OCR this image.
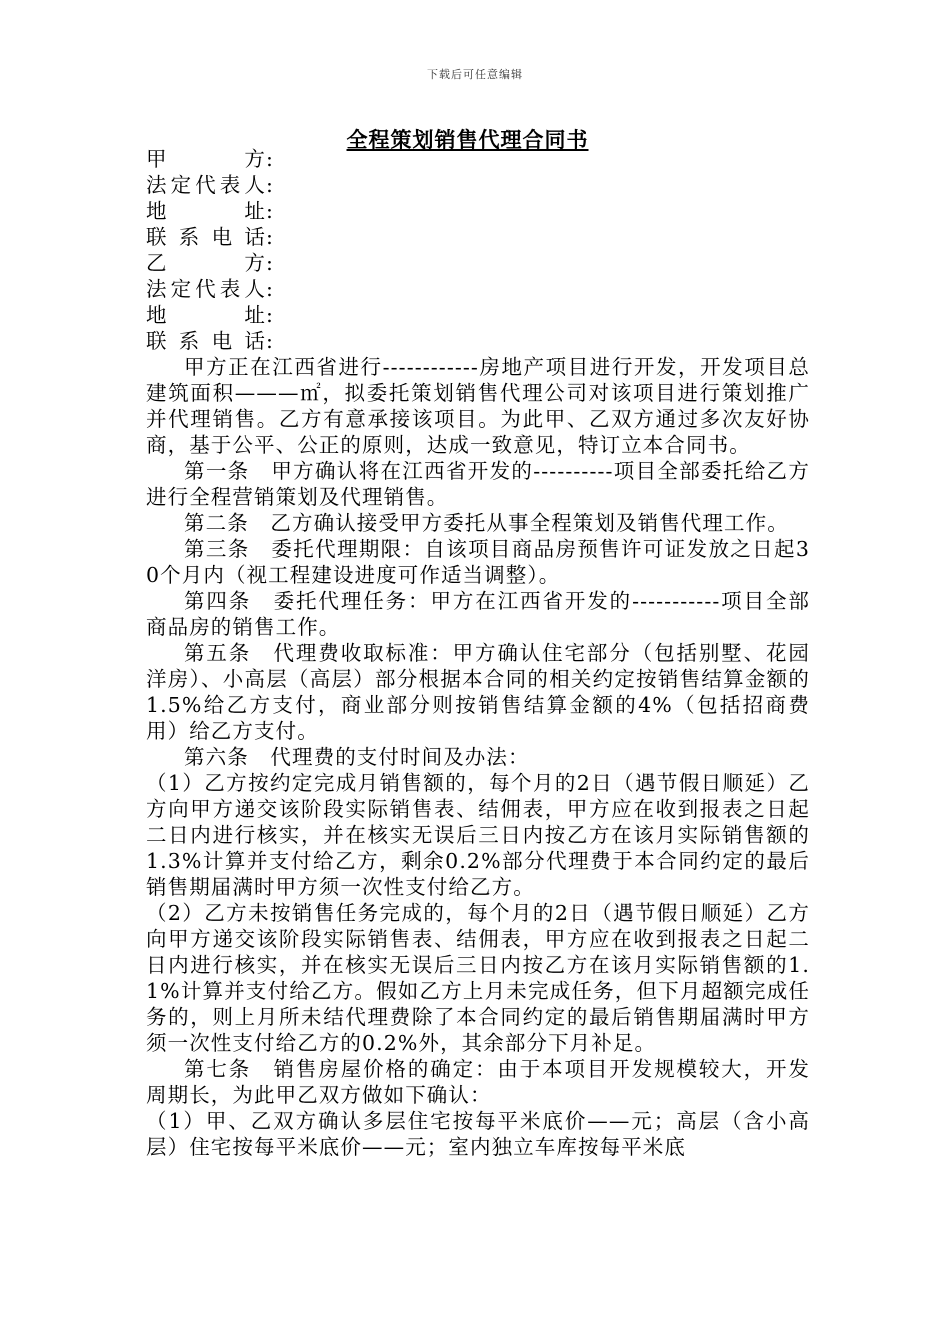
下载后可任意编辑
全程策划销售代理合同书
甲方:
法定代表人:
地址:
联系电话:
乙方:
法定代表人:
地址:
联系电话:
甲方正在江西省进行------------房地产项目进行开发，开发项目总建筑面积———㎡，拟委托策划销售代理公司对该项目进行策划推广并代理销售。乙方有意承接该项目。为此甲、乙双方通过多次友好协商，基于公平、公正的原则，达成一致意见，特订立本合同书。
第一条　甲方确认将在江西省开发的----------项目全部委托给乙方进行全程营销策划及代理销售。
第二条　乙方确认接受甲方委托从事全程策划及销售代理工作。
第三条　委托代理期限：自该项目商品房预售许可证发放之日起30个月内（视工程建设进度可作适当调整）。
第四条　委托代理任务：甲方在江西省开发的-----------项目全部商品房的销售工作。
第五条　代理费收取标准：甲方确认住宅部分（包括别墅、花园洋房）、小高层（高层）部分根据本合同的相关约定按销售结算金额的1.5%给乙方支付，商业部分则按销售结算金额的4%（包括招商费用）给乙方支付。
第六条　代理费的支付时间及办法：
（1）乙方按约定完成月销售额的，每个月的2日（遇节假日顺延）乙方向甲方递交该阶段实际销售表、结佣表，甲方应在收到报表之日起二日内进行核实，并在核实无误后三日内按乙方在该月实际销售额的1.3%计算并支付给乙方，剩余0.2%部分代理费于本合同约定的最后销售期届满时甲方须一次性支付给乙方。
（2）乙方未按销售任务完成的，每个月的2日（遇节假日顺延）乙方向甲方递交该阶段实际销售表、结佣表，甲方应在收到报表之日起二日内进行核实，并在核实无误后三日内按乙方在该月实际销售额的1.1%计算并支付给乙方。假如乙方上月未完成任务，但下月超额完成任务的，则上月所未结代理费除了本合同约定的最后销售期届满时甲方须一次性支付给乙方的0.2%外，其余部分下月补足。
第七条　销售房屋价格的确定：由于本项目开发规模较大，开发周期长，为此甲乙双方做如下确认：
（1）甲、乙双方确认多层住宅按每平米底价——元；高层（含小高层）住宅按每平米底价——元；室内独立车库按每平米底
